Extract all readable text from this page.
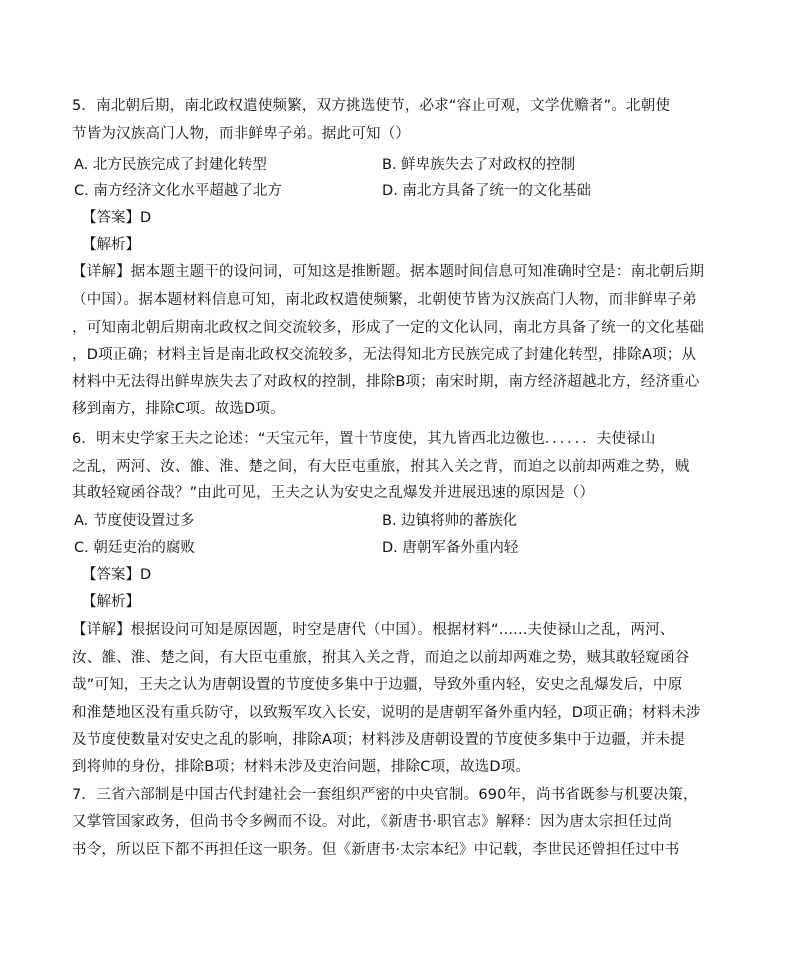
5．南北朝后期，南北政权遣使频繁，双方挑选使节，必求“容止可观，文学优赡者”。北朝使
节皆为汉族高门人物，而非鲜卑子弟。据此可知（）
A. 北方民族完成了封建化转型	B. 鲜卑族失去了对政权的控制
C. 南方经济文化水平超越了北方	D. 南北方具备了统一的文化基础
【答案】D
【解析】
【详解】据本题主题干的设问词，可知这是推断题。据本题时间信息可知准确时空是：南北朝后期
（中国）。据本题材料信息可知，南北政权遣使频繁，北朝使节皆为汉族高门人物，而非鲜卑子弟
，可知南北朝后期南北政权之间交流较多，形成了一定的文化认同，南北方具备了统一的文化基础
，D项正确；材料主旨是南北政权交流较多，无法得知北方民族完成了封建化转型，排除A项；从
材料中无法得出鲜卑族失去了对政权的控制，排除B项；南宋时期，南方经济超越北方，经济重心
移到南方，排除C项。故选D项。
6．明末史学家王夫之论述：“天宝元年，置十节度使，其九皆西北边徼也．．．．．．夫使禄山
之乱，两河、汝、雒、淮、楚之间，有大臣屯重旅，拊其入关之背，而迫之以前却两难之势，贼
其敢轻窥函谷哉？”由此可见，王夫之认为安史之乱爆发并进展迅速的原因是（）
A. 节度使设置过多	B. 边镇将帅的蕃族化
C. 朝廷吏治的腐败	D. 唐朝军备外重内轻
【答案】D
【解析】
【详解】根据设问可知是原因题，时空是唐代（中国）。根据材料“......夫使禄山之乱，两河、
汝、雒、淮、楚之间，有大臣屯重旅，拊其入关之背，而迫之以前却两难之势，贼其敢轻窥函谷
哉”可知，王夫之认为唐朝设置的节度使多集中于边疆，导致外重内轻，安史之乱爆发后，中原
和淮楚地区没有重兵防守，以致叛军攻入长安，说明的是唐朝军备外重内轻，D项正确；材料未涉
及节度使数量对安史之乱的影响，排除A项；材料涉及唐朝设置的节度使多集中于边疆，并未提
到将帅的身份，排除B项；材料未涉及吏治问题，排除C项，故选D项。
7．三省六部制是中国古代封建社会一套组织严密的中央官制。690年，尚书省既参与机要决策，
又掌管国家政务，但尚书令多阙而不设。对此，《新唐书·职官志》解释：因为唐太宗担任过尚
书令，所以臣下都不再担任这一职务。但《新唐书·太宗本纪》中记载，李世民还曾担任过中书
